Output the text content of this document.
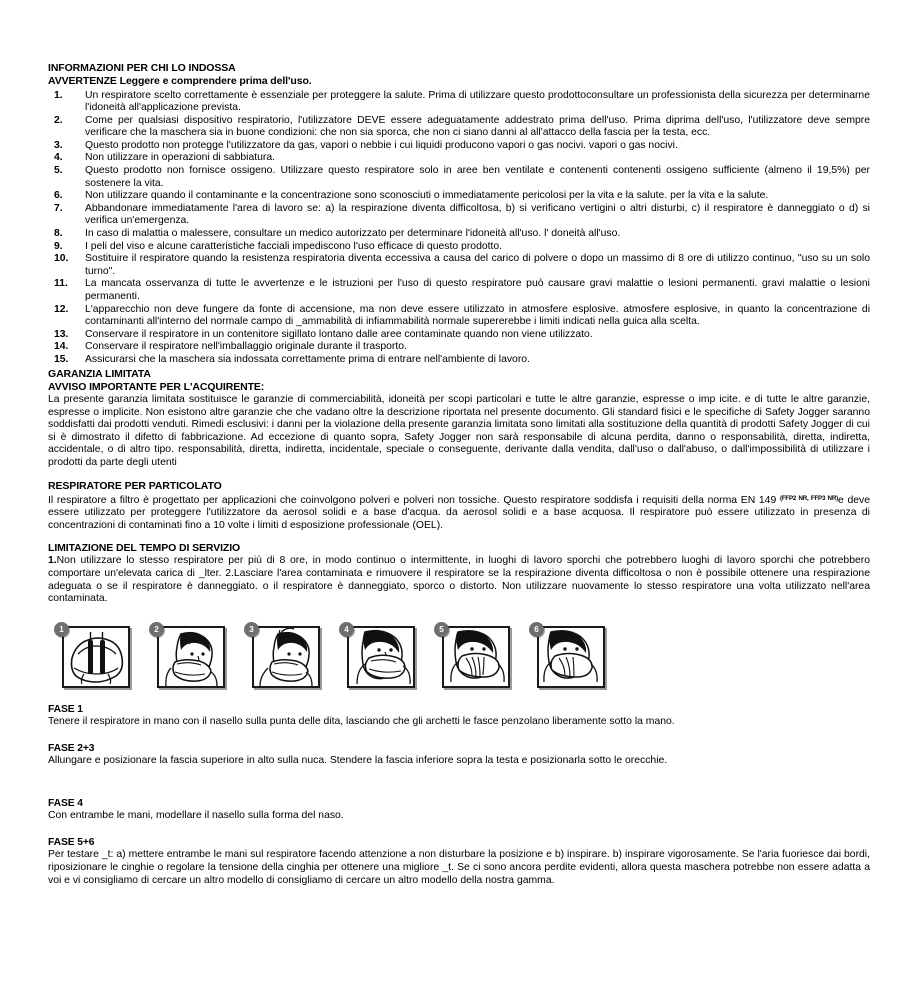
INFORMAZIONI PER CHI LO INDOSSA
AVVERTENZE Leggere e comprendere prima dell'uso.
1. Un respiratore scelto correttamente è essenziale per proteggere la salute. Prima di utilizzare questo prodottoconsultare un professionista della sicurezza per determinarne l'idoneità all'applicazione prevista.
2. Come per qualsiasi dispositivo respiratorio, l'utilizzatore DEVE essere adeguatamente addestrato prima dell'uso. Prima diprima dell'uso, l'utilizzatore deve sempre verificare che la maschera sia in buone condizioni: che non sia sporca, che non ci siano danni al all'attacco della fascia per la testa, ecc.
3. Questo prodotto non protegge l'utilizzatore da gas, vapori o nebbie i cui liquidi producono vapori o gas nocivi. vapori o gas nocivi.
4. Non utilizzare in operazioni di sabbiatura.
5. Questo prodotto non fornisce ossigeno. Utilizzare questo respiratore solo in aree ben ventilate e contenenti contenenti ossigeno sufficiente (almeno il 19,5%) per sostenere la vita.
6. Non utilizzare quando il contaminante e la concentrazione sono sconosciuti o immediatamente pericolosi per la vita e la salute. per la vita e la salute.
7. Abbandonare immediatamente l'area di lavoro se: a) la respirazione diventa difficoltosa, b) si verificano vertigini o altri disturbi, c) il respiratore è danneggiato o d) si verifica un'emergenza.
8. In caso di malattia o malessere, consultare un medico autorizzato per determinare l'idoneità all'uso. l' doneità all'uso.
9. I peli del viso e alcune caratteristiche facciali impediscono l'uso efficace di questo prodotto.
10. Sostituire il respiratore quando la resistenza respiratoria diventa eccessiva a causa del carico di polvere o dopo un massimo di 8 ore di utilizzo continuo, "uso su un solo turno".
11. La mancata osservanza di tutte le avvertenze e le istruzioni per l'uso di questo respiratore può causare gravi malattie o lesioni permanenti. gravi malattie o lesioni permanenti.
12. L'apparecchio non deve fungere da fonte di accensione, ma non deve essere utilizzato in atmosfere esplosive. atmosfere esplosive, in quanto la concentrazione di contaminanti all'interno del normale campo di _ammabilità di infiammabilità normale supererebbe i limiti indicati nella guica alla scelta.
13. Conservare il respiratore in un contenitore sigillato lontano dalle aree contaminate quando non viene utilizzato.
14. Conservare il respiratore nell'imballaggio originale durante il trasporto.
15. Assicurarsi che la maschera sia indossata correttamente prima di entrare nell'ambiente di lavoro.
GARANZIA LIMITATA
AVVISO IMPORTANTE PER L'ACQUIRENTE:

La presente garanzia limitata sostituisce le garanzie di commerciabilità, idoneità per scopi particolari e tutte le altre garanzie, espresse o imp icite. e di tutte le altre garanzie, espresse o implicite. Non esistono altre garanzie che che vadano oltre la descrizione riportata nel presente documento. Gli standard fisici e le specifiche di Safety Jogger saranno soddisfatti dai prodotti venduti. Rimedi esclusivi: i danni per la violazione della presente garanzia limitata sono limitati alla sostituzione della quantità di prodotti Safety Jogger di cui si è dimostrato il difetto di fabbricazione. Ad eccezione di quanto sopra, Safety Jogger non sarà responsabile di alcuna perdita, danno o responsabilità, diretta, indiretta, accidentale, o di altro tipo. responsabilità, diretta, indiretta, incidentale, speciale o conseguente, derivante dalla vendita, dall'uso o dall'abuso, o dall'impossibilità di utilizzare i prodotti da parte degli utenti

RESPIRATORE PER PARTICOLATO

Il respiratore a filtro è progettato per applicazioni che coinvolgono polveri e polveri non tossiche. Questo respiratore soddisfa i requisiti della norma EN 149 $^{(FFP2 NR, FFP3 NR)}$e deve essere utilizzato per proteggere l'utilizzatore da aerosol solidi e a base d'acqua. da aerosol solidi e a base acquosa. Il respiratore può essere utilizzato in presenza di concentrazioni di contaminati fino a 10 volte i limiti d esposizione professionale (OEL).

LIMITAZIONE DEL TEMPO DI SERVIZIO

1.Non utilizzare lo stesso respiratore per più di 8 ore, in modo continuo o intermittente, in luoghi di lavoro sporchi che potrebbero luoghi di lavoro sporchi che potrebbero comportare un'elevata carica di _lter. 2.Lasciare l'area contaminata e rimuovere il respiratore se la respirazione diventa difficoltosa o non è possibile ottenere una respirazione adeguata o se il respiratore è danneggiato. o il respiratore è danneggiato, sporco o distorto. Non utilizzare nuovamente lo stesso respiratore una volta utilizzato nell'area contaminata.

1	2	3	4	5	6
FASE 1

Tenere il respiratore in mano con il nasello sulla punta delle dita, lasciando che gli archetti le fasce penzolano liberamente sotto la mano.

FASE 2+3

Allungare e posizionare la fascia superiore in alto sulla nuca. Stendere la fascia inferiore sopra la testa e posizionarla sotto le orecchie.

FASE 4

Con entrambe le mani, modellare il nasello sulla forma del naso.

FASE 5+6

Per testare _t: a) mettere entrambe le mani sul respiratore facendo attenzione a non disturbare la posizione e b) inspirare. b) inspirare vigorosamente. Se l'aria fuoriesce dai bordi, riposizionare le cinghie o regolare la tensione della cinghia per ottenere una migliore _t. Se ci sono ancora perdite evidenti, allora questa maschera potrebbe non essere adatta a voi e vi consigliamo di cercare un altro modello di consigliamo di cercare un altro modello della nostra gamma.
